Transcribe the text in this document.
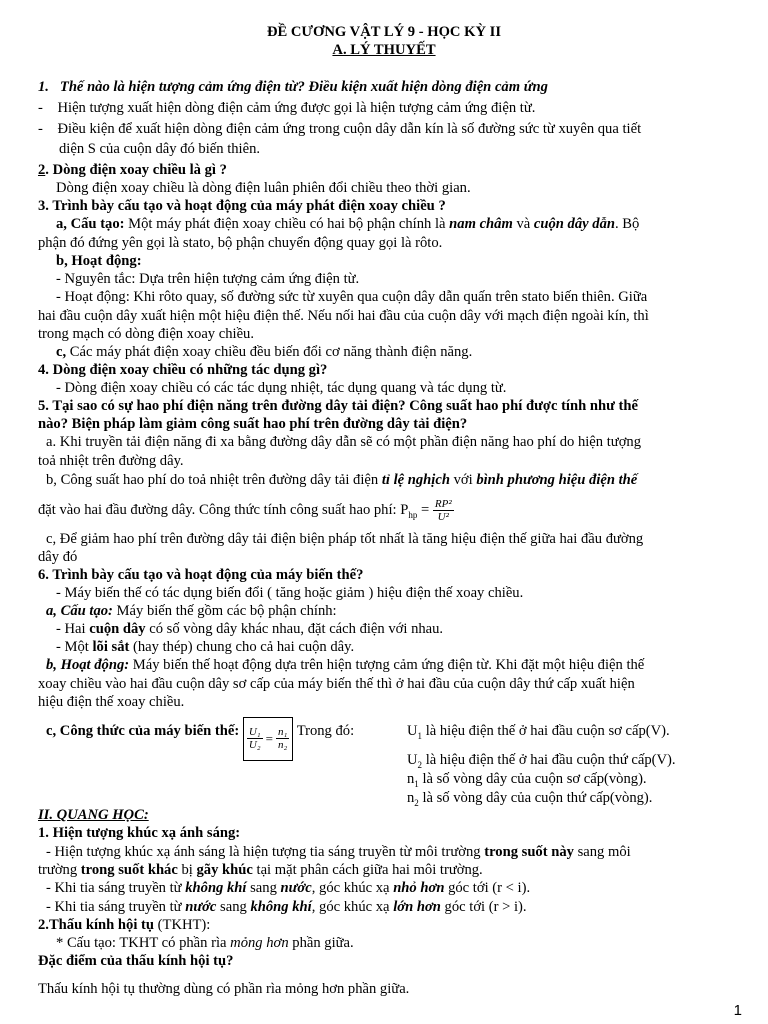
ĐỀ CƯƠNG VẬT LÝ 9 - HỌC KỲ II
A. LÝ THUYẾT
1. Thế nào là hiện tượng cảm ứng điện từ? Điều kiện xuất hiện dòng điện cảm ứng
-    Hiện tượng xuất hiện dòng điện cảm ứng được gọi là hiện tượng cảm ứng điện từ.
-    Điều kiện để xuất hiện dòng điện cảm ứng trong cuộn dây dẫn kín là số đường sức từ xuyên qua tiết
diện S của cuộn dây đó biến thiên.
2. Dòng điện xoay chiều là gì ?
Dòng điện xoay chiều là dòng điện luân phiên đổi chiều theo thời gian.
3. Trình bày cấu tạo và hoạt động của máy phát điện xoay chiều ?
a, Cấu tạo: Một máy phát điện xoay chiều có hai bộ phận chính là nam châm và cuộn dây dẫn. Bộ
phận đó đứng yên gọi là stato, bộ phận chuyển động quay gọi là rôto.
b, Hoạt động:
- Nguyên tắc: Dựa trên hiện tượng cảm ứng điện từ.
- Hoạt động: Khi rôto quay, số đường sức từ xuyên qua cuộn dây dẫn quấn trên stato biến thiên. Giữa
hai đầu cuộn dây xuất hiện một hiệu điện thế. Nếu nối hai đầu của cuộn dây với mạch điện ngoài kín, thì
trong mạch có dòng điện xoay chiều.
c, Các máy phát điện xoay chiều đều biến đổi cơ năng thành điện năng.
4. Dòng điện xoay chiều có những tác dụng gì?
- Dòng điện xoay chiều có các tác dụng nhiệt, tác dụng quang và tác dụng từ.
5. Tại sao có sự hao phí điện năng trên đường dây tải điện? Công suất hao phí được tính như thế
nào? Biện pháp làm giảm công suất hao phí trên đường dây tải điện?
a. Khi truyền tải điện năng đi xa bằng đường dây dẫn sẽ có một phần điện năng hao phí do hiện tượng
toả nhiệt trên đường dây.
b, Công suất hao phí do toả nhiệt trên đường dây tải điện tỉ lệ nghịch với bình phương hiệu điện thế
đặt vào hai đầu đường dây. Công thức tính công suất hao phí: $P_{hp} = \frac{\text{RP²}}{\text{U²}}$
c, Để giảm hao phí trên đường dây tải điện biện pháp tốt nhất là tăng hiệu điện thế giữa hai đầu đường
dây đó
6. Trình bày cấu tạo và hoạt động của máy biến thế?
- Máy biến thế có tác dụng biến đổi ( tăng hoặc giảm ) hiệu điện thế xoay chiều.
a, Cấu tạo: Máy biến thế gồm các bộ phận chính:
- Hai cuộn dây có số vòng dây khác nhau, đặt cách điện với nhau.
- Một lõi sắt (hay thép) chung cho cả hai cuộn dây.
b, Hoạt động: Máy biến thế hoạt động dựa trên hiện tượng cảm ứng điện từ. Khi đặt một hiệu điện thế
xoay chiều vào hai đầu cuộn dây sơ cấp của máy biến thế thì ở hai đầu của cuộn dây thứ cấp xuất hiện
hiệu điện thế xoay chiều.
c, Công thức của máy biến thế: $\frac{\text{U₁}}{\text{U₂}} = \frac{\text{n₁}}{\text{n₂}}$ Trong đó:	$U_1$ là hiệu điện thế ở hai đầu cuộn sơ cấp(V).
$U_2$ là hiệu điện thế ở hai đầu cuộn thứ cấp(V).
$n_1$ là số vòng dây của cuộn sơ cấp(vòng).
$n_2$ là số vòng dây của cuộn thứ cấp(vòng).
II. QUANG HỌC:
1. Hiện tượng khúc xạ ánh sáng:
- Hiện tượng khúc xạ ánh sáng là hiện tượng tia sáng truyền từ môi trường trong suốt này sang môi
trường trong suốt khác bị gãy khúc tại mặt phân cách giữa hai môi trường.
- Khi tia sáng truyền từ không khí sang nước, góc khúc xạ nhỏ hơn góc tới (r < i).
- Khi tia sáng truyền từ nước sang không khí, góc khúc xạ lớn hơn góc tới (r > i).
2.Thấu kính hội tụ (TKHT):
* Cấu tạo: TKHT có phần rìa mỏng hơn phần giữa.
Đặc điểm của thấu kính hội tụ?
Thấu kính hội tụ thường dùng có phần rìa mỏng hơn phần giữa.
1
